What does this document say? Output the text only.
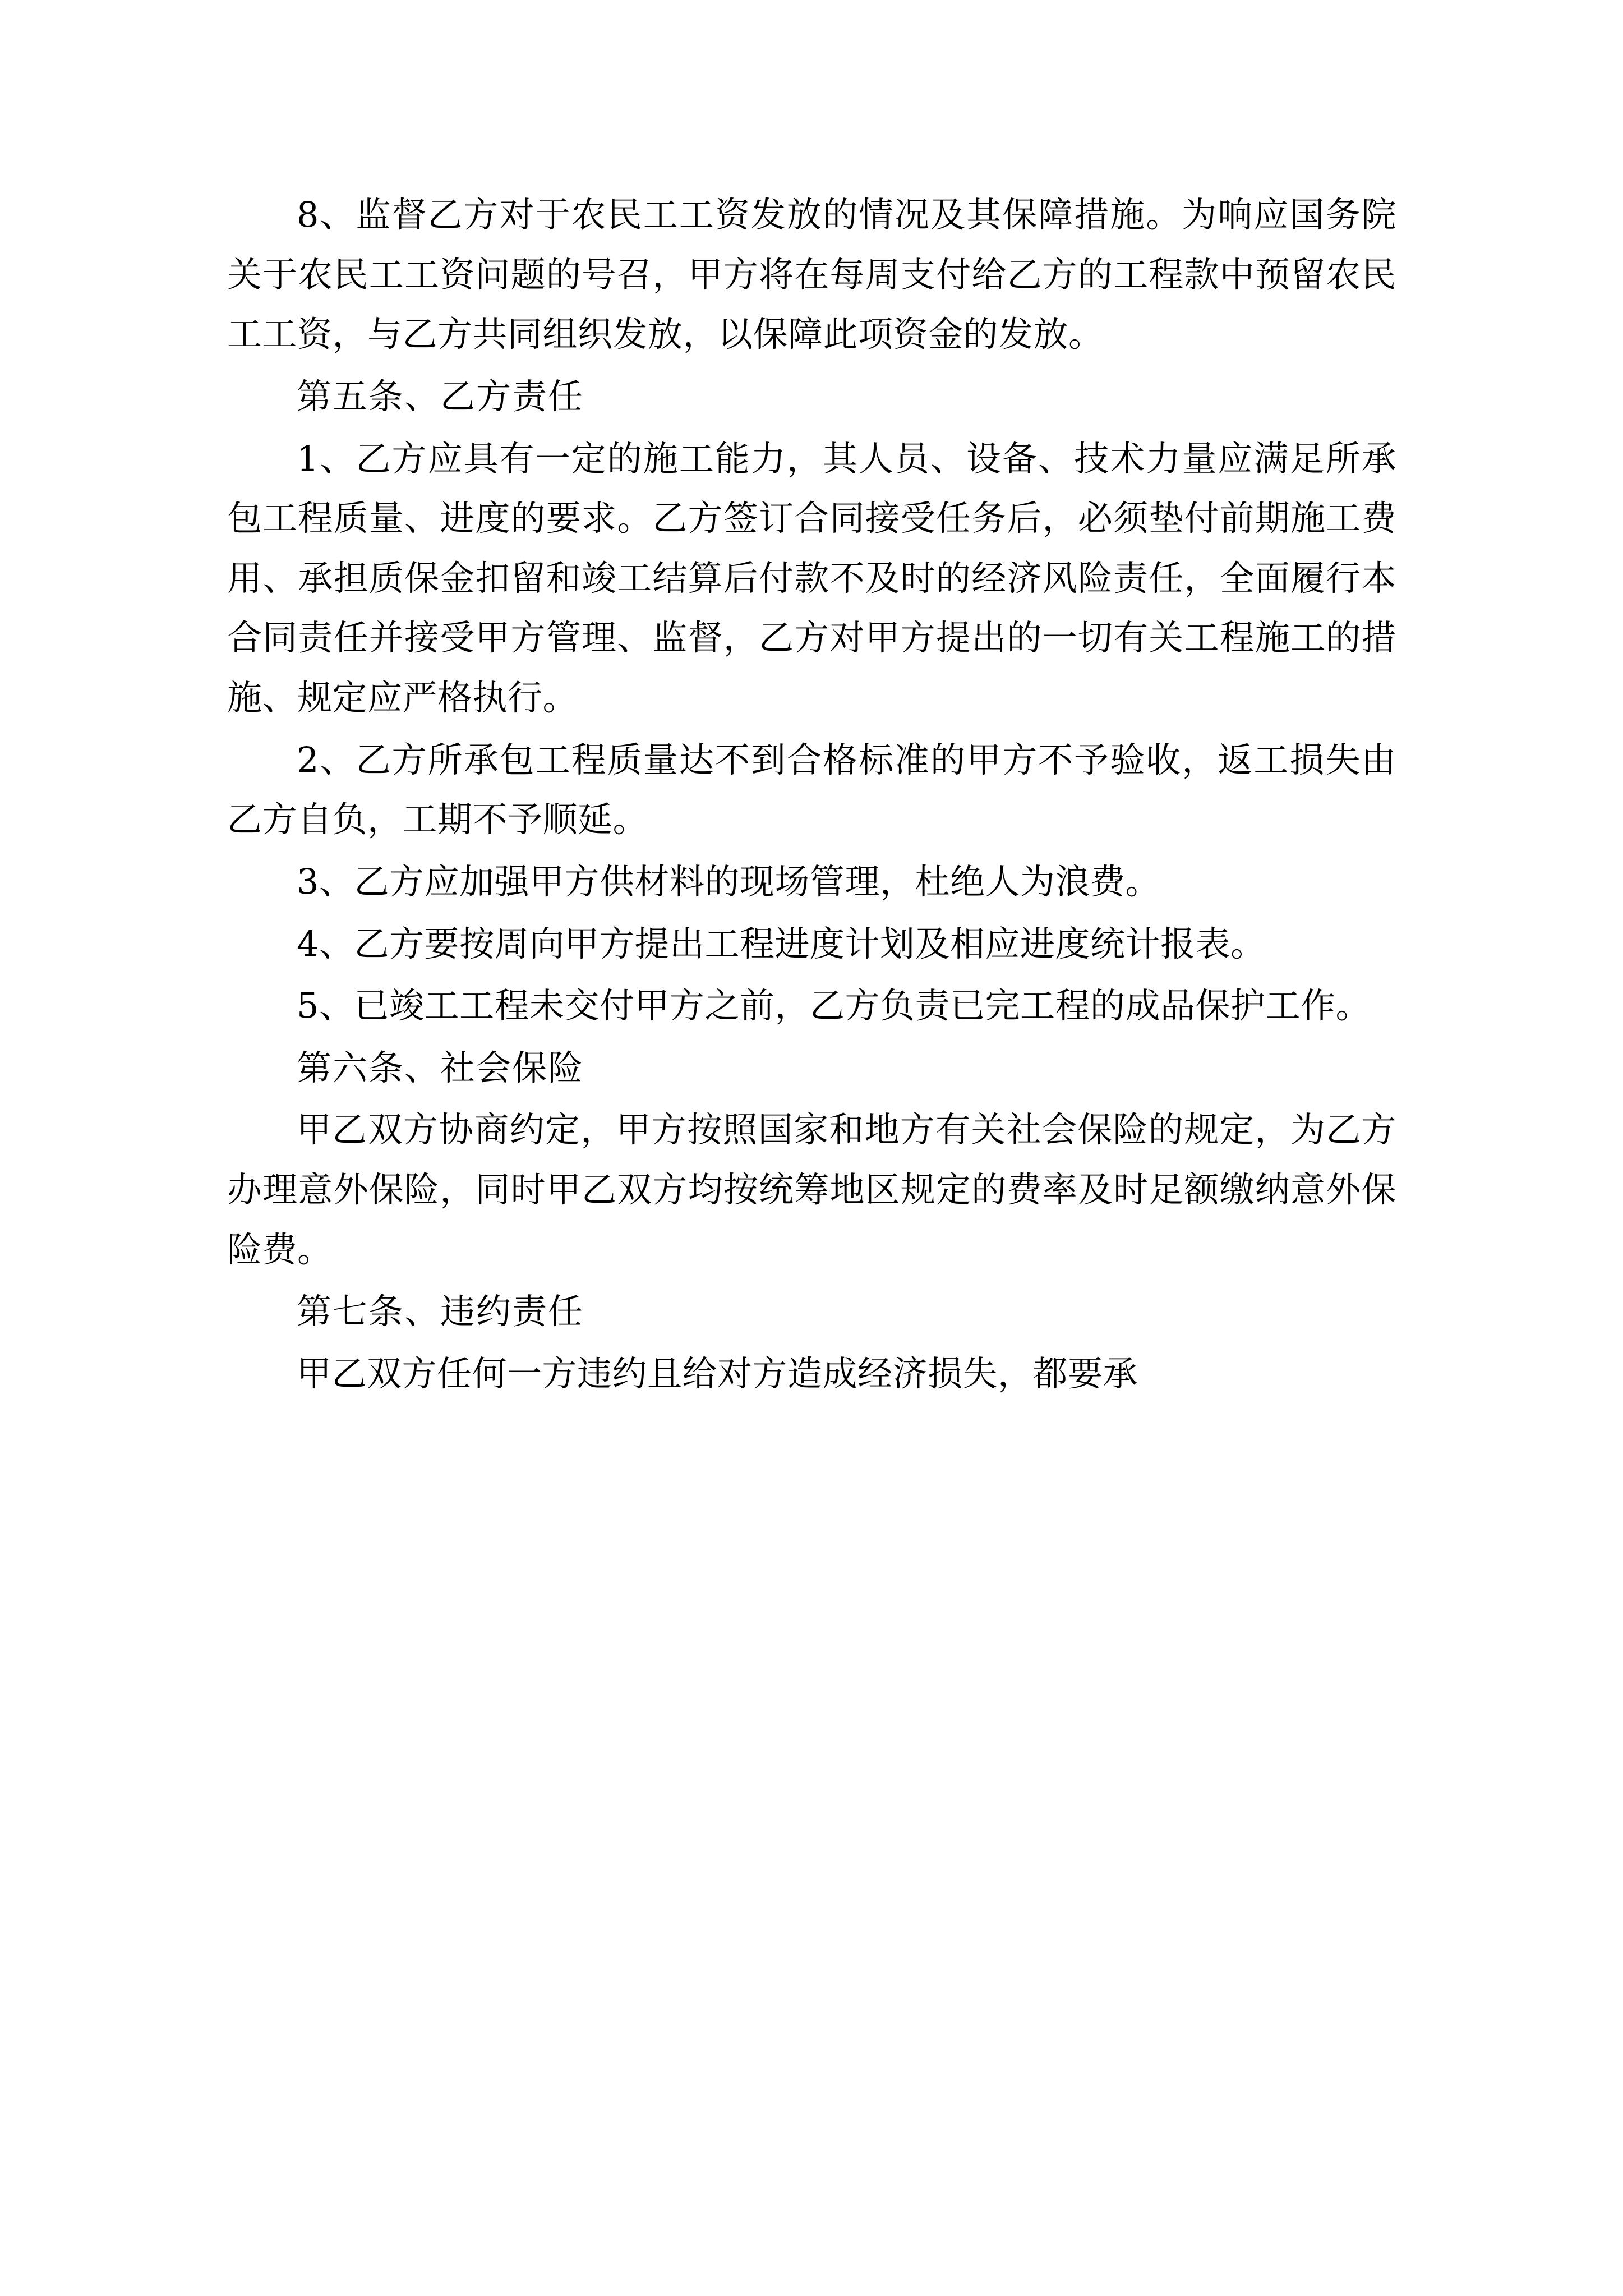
8、监督乙方对于农民工工资发放的情况及其保障措施。为响应国务院关于农民工工资问题的号召，甲方将在每周支付给乙方的工程款中预留农民工工资，与乙方共同组织发放，以保障此项资金的发放。

第五条、乙方责任

1、乙方应具有一定的施工能力，其人员、设备、技术力量应满足所承包工程质量、进度的要求。乙方签订合同接受任务后，必须垫付前期施工费用、承担质保金扣留和竣工结算后付款不及时的经济风险责任，全面履行本合同责任并接受甲方管理、监督，乙方对甲方提出的一切有关工程施工的措施、规定应严格执行。

2、乙方所承包工程质量达不到合格标准的甲方不予验收，返工损失由乙方自负，工期不予顺延。

3、乙方应加强甲方供材料的现场管理，杜绝人为浪费。

4、乙方要按周向甲方提出工程进度计划及相应进度统计报表。

5、已竣工工程未交付甲方之前，乙方负责已完工程的成品保护工作。

第六条、社会保险

甲乙双方协商约定，甲方按照国家和地方有关社会保险的规定，为乙方办理意外保险，同时甲乙双方均按统筹地区规定的费率及时足额缴纳意外保险费。

第七条、违约责任

甲乙双方任何一方违约且给对方造成经济损失，都要承
